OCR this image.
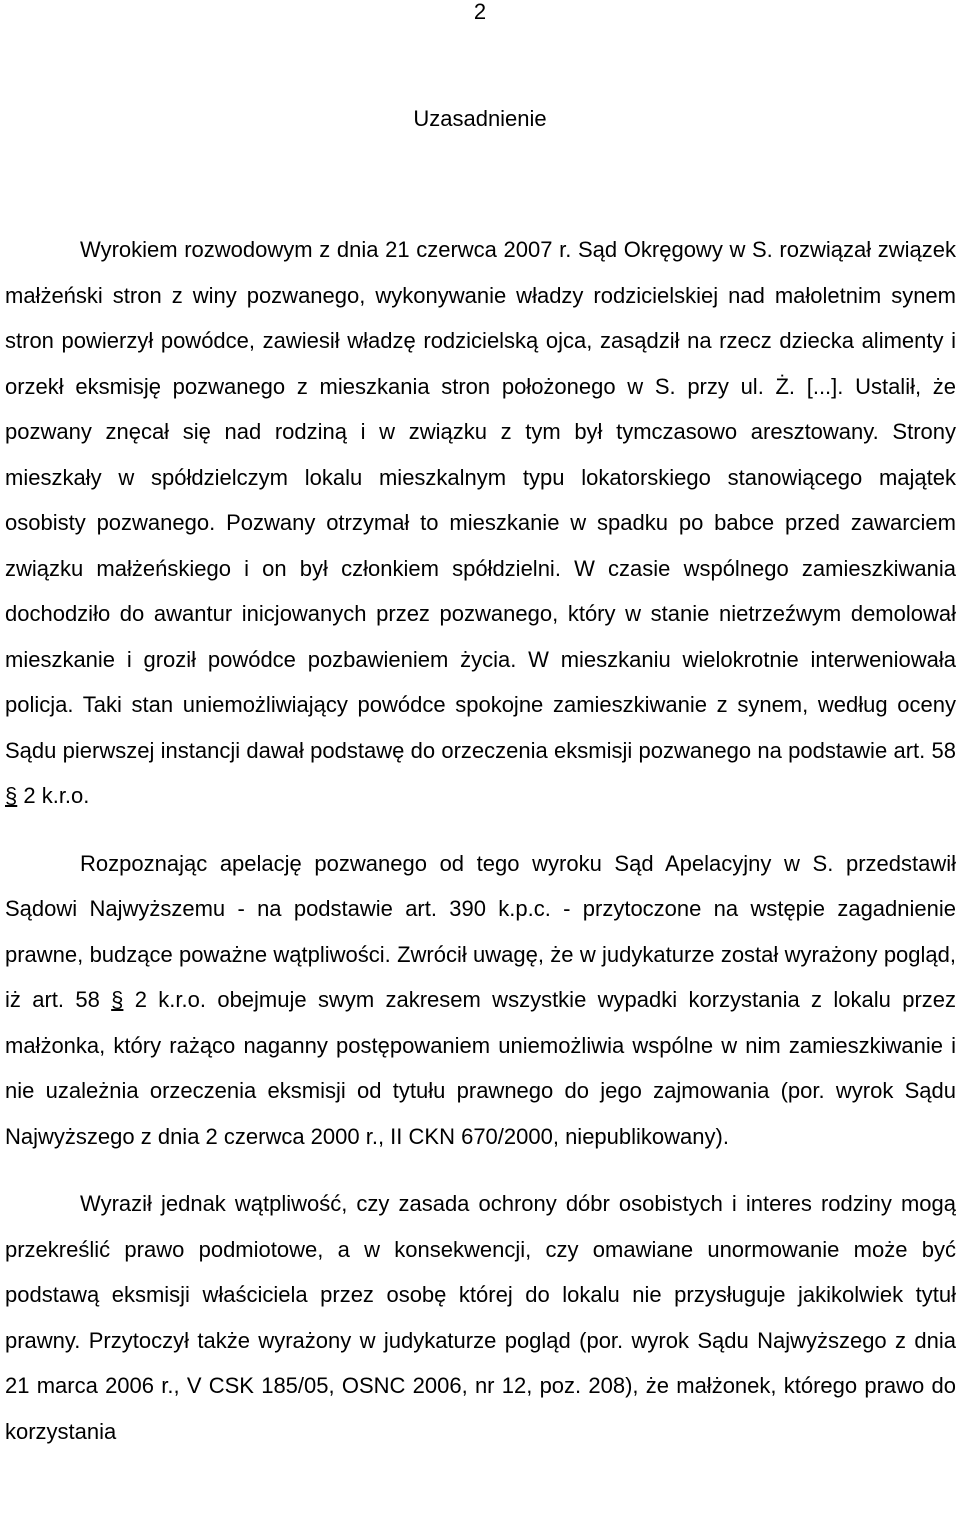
2
Uzasadnienie

Wyrokiem rozwodowym z dnia 21 czerwca 2007 r. Sąd Okręgowy w S. rozwiązał związek małżeński stron z winy pozwanego, wykonywanie władzy rodzicielskiej nad małoletnim synem stron powierzył powódce, zawiesił władzę rodzicielską ojca, zasądził na rzecz dziecka alimenty i orzekł eksmisję pozwanego z mieszkania stron położonego w S. przy ul. Ż. [...]. Ustalił, że pozwany znęcał się nad rodziną i w związku z tym był tymczasowo aresztowany. Strony mieszkały w spółdzielczym lokalu mieszkalnym typu lokatorskiego stanowiącego majątek osobisty pozwanego. Pozwany otrzymał to mieszkanie w spadku po babce przed zawarciem związku małżeńskiego i on był członkiem spółdzielni. W czasie wspólnego zamieszkiwania dochodziło do awantur inicjowanych przez pozwanego, który w stanie nietrzeźwym demolował mieszkanie i groził powódce pozbawieniem życia. W mieszkaniu wielokrotnie interweniowała policja. Taki stan uniemożliwiający powódce spokojne zamieszkiwanie z synem, według oceny Sądu pierwszej instancji dawał podstawę do orzeczenia eksmisji pozwanego na podstawie art. 58 § 2 k.r.o.

Rozpoznając apelację pozwanego od tego wyroku Sąd Apelacyjny w S. przedstawił Sądowi Najwyższemu - na podstawie art. 390 k.p.c. - przytoczone na wstępie zagadnienie prawne, budzące poważne wątpliwości. Zwrócił uwagę, że w judykaturze został wyrażony pogląd, iż art. 58 § 2 k.r.o. obejmuje swym zakresem wszystkie wypadki korzystania z lokalu przez małżonka, który rażąco naganny postępowaniem uniemożliwia wspólne w nim zamieszkiwanie i nie uzależnia orzeczenia eksmisji od tytułu prawnego do jego zajmowania (por. wyrok Sądu Najwyższego z dnia 2 czerwca 2000 r., II CKN 670/2000, niepublikowany).

Wyraził jednak wątpliwość, czy zasada ochrony dóbr osobistych i interes rodziny mogą przekreślić prawo podmiotowe, a w konsekwencji, czy omawiane unormowanie może być podstawą eksmisji właściciela przez osobę której do lokalu nie przysługuje jakikolwiek tytuł prawny. Przytoczył także wyrażony w judykaturze pogląd (por. wyrok Sądu Najwyższego z dnia 21 marca 2006 r., V CSK 185/05, OSNC 2006, nr 12, poz. 208), że małżonek, którego prawo do korzystania
